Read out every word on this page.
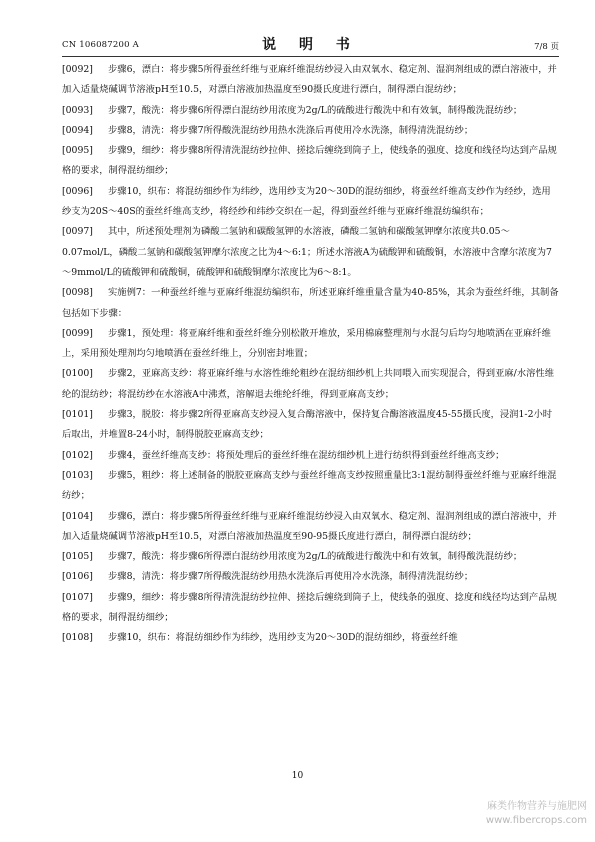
CN 106087200 A	说 明 书	7/8 页

[0092] 步骤6，漂白：将步骤5所得蚕丝纤维与亚麻纤维混纺纱浸入由双氧水、稳定剂、湿润剂组成的漂白溶液中，并加入适量烧碱调节溶液pH至10.5，对漂白溶液加热温度至90摄氏度进行漂白，制得漂白混纺纱；

[0093] 步骤7，酸洗：将步骤6所得漂白混纺纱用浓度为2g/L的硫酸进行酸洗中和有效氧，制得酸洗混纺纱；

[0094] 步骤8，清洗：将步骤7所得酸洗混纺纱用热水洗涤后再使用冷水洗涤，制得清洗混纺纱；

[0095] 步骤9，细纱：将步骤8所得清洗混纺纱拉伸、搓捻后缠绕到筒子上，使线条的强度、捻度和线径均达到产品规格的要求，制得混纺细纱；

[0096] 步骤10，织布：将混纺细纱作为纬纱，选用纱支为20～30D的混纺细纱，将蚕丝纤维高支纱作为经纱，选用纱支为20S～40S的蚕丝纤维高支纱，将经纱和纬纱交织在一起，得到蚕丝纤维与亚麻纤维混纺编织布；

[0097] 其中，所述预处理剂为磷酸二氢钠和碳酸氢钾的水溶液，磷酸二氢钠和碳酸氢钾摩尔浓度共0.05～0.07mol/L，磷酸二氢钠和碳酸氢钾摩尔浓度之比为4～6:1；所述水溶液A为硫酸钾和硫酸铜，水溶液中含摩尔浓度为7～9mmol/L的硫酸钾和硫酸铜，硫酸钾和硫酸铜摩尔浓度比为6～8:1。

[0098] 实施例7：一种蚕丝纤维与亚麻纤维混纺编织布，所述亚麻纤维重量含量为40-85%，其余为蚕丝纤维，其制备包括如下步骤：

[0099] 步骤1，预处理：将亚麻纤维和蚕丝纤维分别松散开堆放，采用棉麻整理剂与水混匀后均匀地喷洒在亚麻纤维上，采用预处理剂均匀地喷洒在蚕丝纤维上，分别密封堆置；

[0100] 步骤2，亚麻高支纱：将亚麻纤维与水溶性维纶粗纱在混纺细纱机上共同喂入而实现混合，得到亚麻/水溶性维纶的混纺纱；将混纺纱在水溶液A中沸煮，溶解退去维纶纤维，得到亚麻高支纱；

[0101] 步骤3，脱胶：将步骤2所得亚麻高支纱浸入复合酶溶液中，保持复合酶溶液温度45-55摄氏度，浸润1-2小时后取出，并堆置8-24小时，制得脱胶亚麻高支纱；

[0102] 步骤4，蚕丝纤维高支纱：将预处理后的蚕丝纤维在混纺细纱机上进行纺织得到蚕丝纤维高支纱；

[0103] 步骤5，粗纱：将上述制备的脱胶亚麻高支纱与蚕丝纤维高支纱按照重量比3:1混纺制得蚕丝纤维与亚麻纤维混纺纱；

[0104] 步骤6，漂白：将步骤5所得蚕丝纤维与亚麻纤维混纺纱浸入由双氧水、稳定剂、湿润剂组成的漂白溶液中，并加入适量烧碱调节溶液pH至10.5，对漂白溶液加热温度至90-95摄氏度进行漂白，制得漂白混纺纱；

[0105] 步骤7，酸洗：将步骤6所得漂白混纺纱用浓度为2g/L的硫酸进行酸洗中和有效氧，制得酸洗混纺纱；

[0106] 步骤8，清洗：将步骤7所得酸洗混纺纱用热水洗涤后再使用冷水洗涤，制得清洗混纺纱；

[0107] 步骤9，细纱：将步骤8所得清洗混纺纱拉伸、搓捻后缠绕到筒子上，使线条的强度、捻度和线径均达到产品规格的要求，制得混纺细纱；

[0108] 步骤10，织布：将混纺细纱作为纬纱，选用纱支为20～30D的混纺细纱，将蚕丝纤维

10
麻类作物营养与施肥网
www.fibercrops.com
